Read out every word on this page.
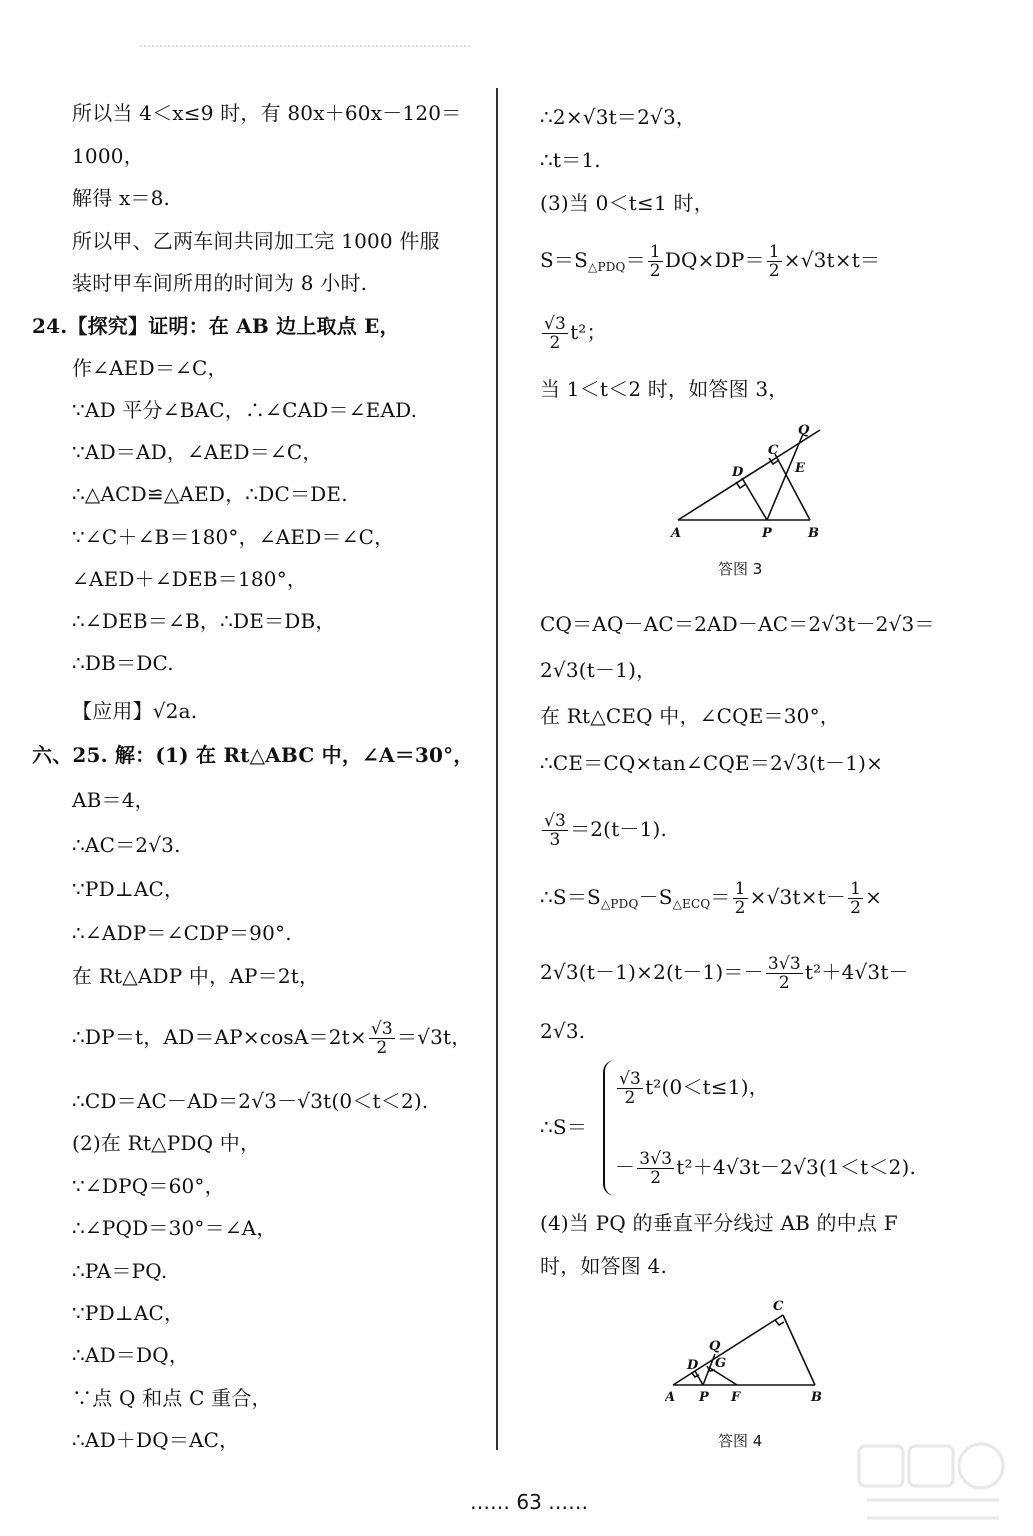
所以当 4＜x≤9 时，有 80x＋60x－120＝
1000，
解得 x＝8.
所以甲、乙两车间共同加工完 1000 件服
装时甲车间所用的时间为 8 小时.
24.【探究】证明：在 AB 边上取点 E，
作∠AED＝∠C，
∵AD 平分∠BAC，∴∠CAD＝∠EAD.
∵AD＝AD，∠AED＝∠C，
∴△ACD≌△AED，∴DC＝DE.
∵∠C＋∠B＝180°，∠AED＝∠C，
∠AED＋∠DEB＝180°，
∴∠DEB＝∠B，∴DE＝DB，
∴DB＝DC.
【应用】√2a.
六、25. 解：(1) 在 Rt△ABC 中，∠A＝30°，
AB＝4，
∴AC＝2√3.
∵PD⊥AC，
∴∠ADP＝∠CDP＝90°.
在 Rt△ADP 中，AP＝2t，
∴DP＝t，$AD=AP\times\cos A=2t\times \frac{√3}{2} =√3t$，
∴CD＝AC－AD＝2√3－√3t(0＜t＜2).
(2)在 Rt△PDQ 中，
∵∠DPQ＝60°，
∴∠PQD＝30°＝∠A，
∴PA＝PQ.
∵PD⊥AC，
∴AD＝DQ，
∵点 Q 和点 C 重合，
∴AD＋DQ＝AC，
∴2×√3t＝2√3，
∴t＝1.
(3)当 0＜t≤1 时，
$S=S_{\triangle PDQ}= \frac{1}{2} DQ\times DP= \frac{1}{2} \times√3t\times t=$
$\frac{√3}{2} t^2$；
当 1＜t＜2 时，如答图 3，
A	B
C
D	E
P
Q
答图 3
CQ＝AQ－AC＝2AD－AC＝2√3t－2√3＝
2√3(t－1)，
在 Rt△CEQ 中，∠CQE＝30°，
∴CE＝CQ×tan∠CQE＝2√3(t－1)×
$\frac{√3}{3} =2(t-1)$.
$\therefore S=S_{\triangle PDQ}-S_{\triangle ECQ}= \frac{1}{2} \times√3t\times t- \frac{1}{2}$ ×
$2√3(t-1)\times 2(t-1)=- \frac{3√3}{2} t^2+4√3t-$
2√3.
∴S＝
$\frac{√3}{2} t^2(0<t\le 1)$，
－ $\frac{3√3}{2} t^2+4√3t-2√3(1<t<2)$.
(4)当 PQ 的垂直平分线过 AB 的中点 F
时，如答图 4.
A	B
C
D
F
G
P
Q
答图 4
…… 63 ……
